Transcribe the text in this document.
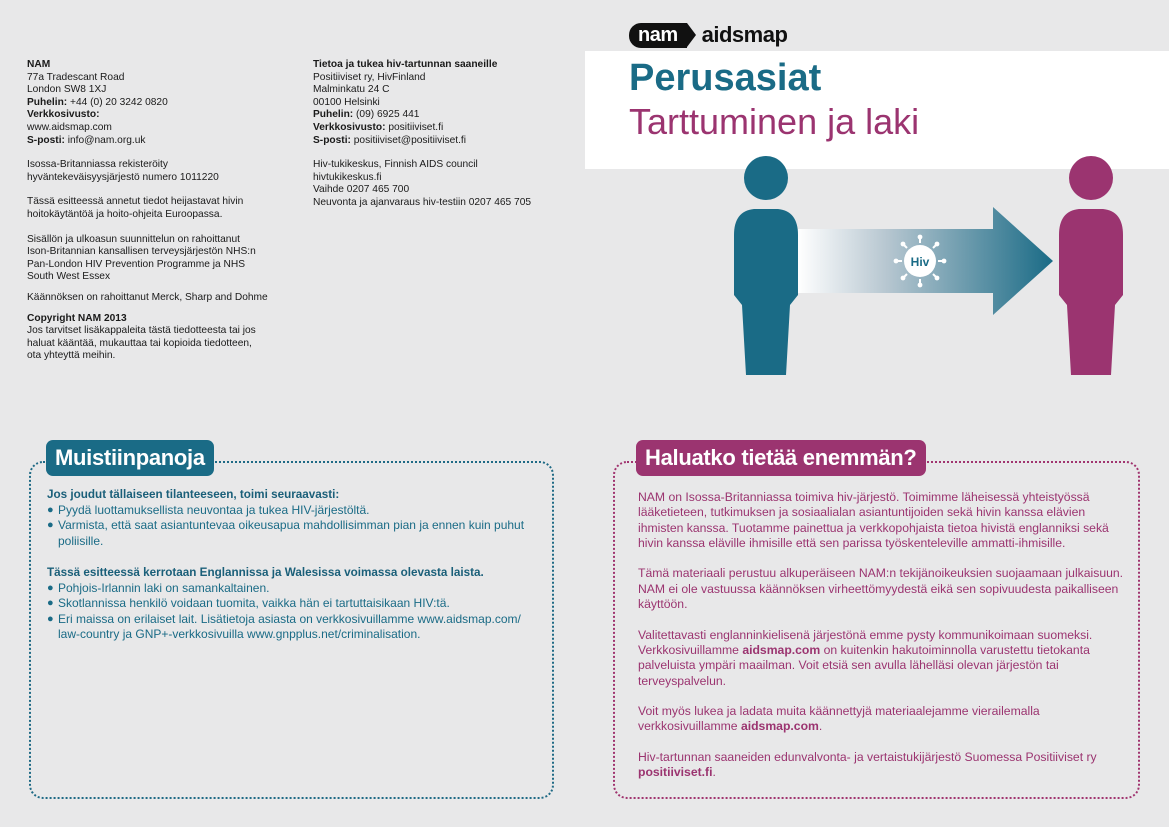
NAM
77a Tradescant Road
London SW8 1XJ
Puhelin: +44 (0) 20 3242 0820
Verkkosivusto:
www.aidsmap.com
S-posti: info@nam.org.uk

Isossa-Britanniassa rekisteröity
hyväntekeväisyysjärjestö numero 1011220

Tässä esitteessä annetut tiedot heijastavat hivin
hoitokäytäntöä ja hoito-ohjeita Euroopassa.

Sisällön ja ulkoasun suunnittelun on rahoittanut
Ison-Britannian kansallisen terveysjärjestön NHS:n
Pan-London HIV Prevention Programme ja NHS
South West Essex

Käännöksen on rahoittanut Merck, Sharp and Dohme

Copyright NAM 2013
Jos tarvitset lisäkappaleita tästä tiedotteesta tai jos
haluat kääntää, mukauttaa tai kopioida tiedotteen,
ota yhteyttä meihin.

Tietoa ja tukea hiv-tartunnan saaneille
Positiiviset ry, HivFinland
Malminkatu 24 C
00100 Helsinki
Puhelin: (09) 6925 441
Verkkosivusto: positiiviset.fi
S-posti: positiiviset@positiiviset.fi

Hiv-tukikeskus, Finnish AIDS council
hivtukikeskus.fi
Vaihde 0207 465 700
Neuvonta ja ajanvaraus hiv-testiin 0207 465 705

nam	aidsmap
Perusasiat
Tarttuminen ja laki
Hiv
Muistiinpanoja
Jos joudut tällaiseen tilanteeseen, toimi seuraavasti:
● Pyydä luottamuksellista neuvontaa ja tukea HIV-järjestöltä.
● Varmista, että saat asiantuntevaa oikeusapua mahdollisimman pian ja ennen kuin puhut poliisille.
Tässä esitteessä kerrotaan Englannissa ja Walesissa voimassa olevasta laista.
● Pohjois-Irlannin laki on samankaltainen.
● Skotlannissa henkilö voidaan tuomita, vaikka hän ei tartuttaisikaan HIV:tä.
● Eri maissa on erilaiset lait. Lisätietoja asiasta on verkkosivuillamme www.aidsmap.com/ law-country ja GNP+-verkkosivuilla www.gnpplus.net/criminalisation.
Haluatko tietää enemmän?

NAM on Isossa-Britanniassa toimiva hiv-järjestö. Toimimme läheisessä yhteistyössä lääketieteen, tutkimuksen ja sosiaalialan asiantuntijoiden sekä hivin kanssa elävien ihmisten kanssa. Tuotamme painettua ja verkkopohjaista tietoa hivistä englanniksi sekä hivin kanssa eläville ihmisille että sen parissa työskenteleville ammatti-ihmisille.

Tämä materiaali perustuu alkuperäiseen NAM:n tekijänoikeuksien suojaamaan julkaisuun. NAM ei ole vastuussa käännöksen virheettömyydestä eikä sen sopivuudesta paikalliseen käyttöön.

Valitettavasti englanninkielisenä järjestönä emme pysty kommunikoimaan suomeksi. Verkkosivuillamme aidsmap.com on kuitenkin hakutoiminnolla varustettu tietokanta palveluista ympäri maailman. Voit etsiä sen avulla lähelläsi olevan järjestön tai terveyspalvelun.

Voit myös lukea ja ladata muita käännettyjä materiaalejamme vierailemalla verkkosivuillamme aidsmap.com.

Hiv-tartunnan saaneiden edunvalvonta- ja vertaistukijärjestö Suomessa Positiiviset ry positiiviset.fi.
